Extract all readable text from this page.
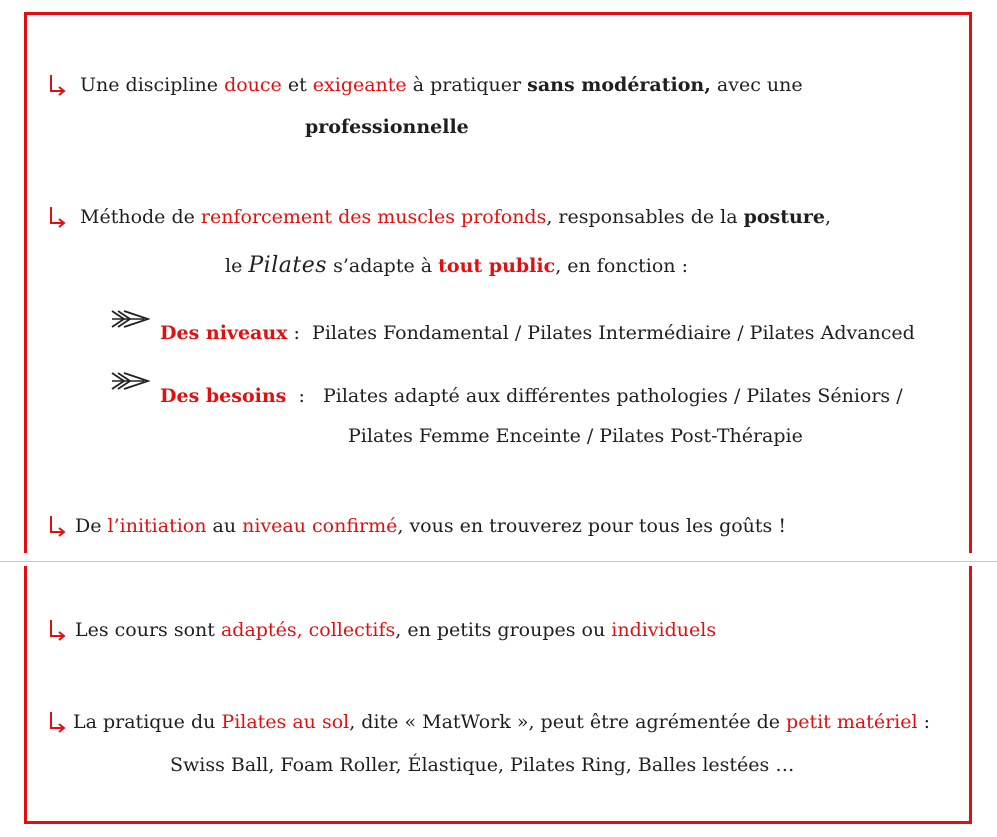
Une discipline douce et exigeante à pratiquer sans modération, avec une
professionnelle
Méthode de renforcement des muscles profonds, responsables de la posture,
le Pilates s’adapte à tout public, en fonction :
Des niveaux : Pilates Fondamental / Pilates Intermédiaire / Pilates Advanced
Des besoins  : Pilates adapté aux différentes pathologies / Pilates Séniors /
Pilates Femme Enceinte / Pilates Post-Thérapie
De l’initiation au niveau confirmé, vous en trouverez pour tous les goûts !
Les cours sont adaptés, collectifs, en petits groupes ou individuels
La pratique du Pilates au sol, dite « MatWork », peut être agrémentée de petit matériel :
Swiss Ball, Foam Roller, Élastique, Pilates Ring, Balles lestées …
